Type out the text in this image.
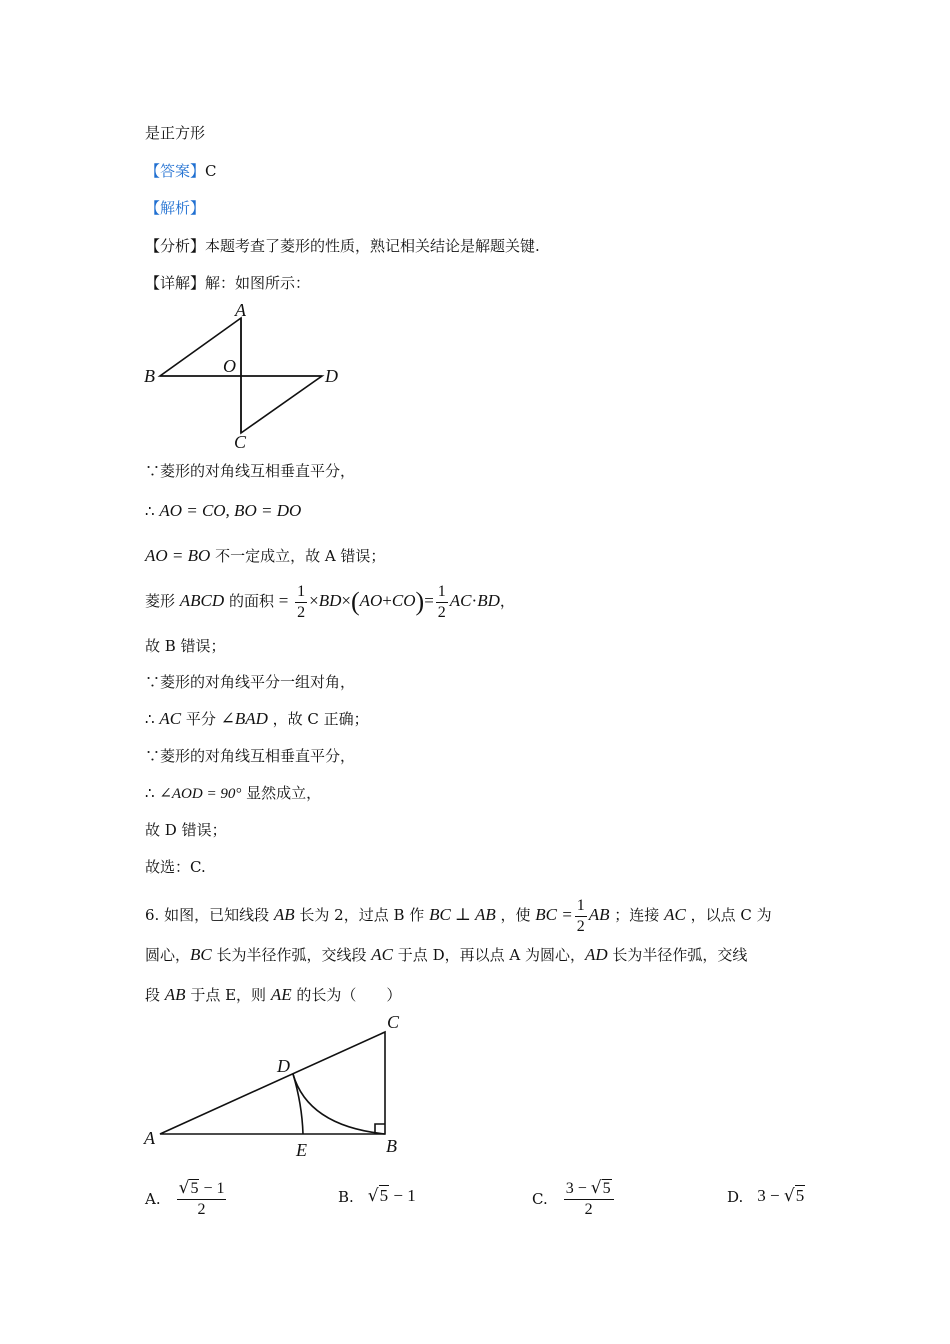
是正方形
【答案】C
【解析】
【分析】本题考查了菱形的性质，熟记相关结论是解题关键.
【详解】解：如图所示：
A
B
C
D
O
∵菱形的对角线互相垂直平分，
∴ AO = CO, BO = DO
AO = BO 不一定成立，故 A 错误；
菱形 ABCD 的面积 = $\frac{1}{2} \times BD\times(AO+CO)= \frac{1}{2} AC\cdot BD$，
故 B 错误；
∵菱形的对角线平分一组对角，
∴ AC 平分 ∠BAD ，故 C 正确；
∵菱形的对角线互相垂直平分，
∴ ∠AOD = 90° 显然成立，
故 D 错误；
故选：C.
6. 如图，已知线段 AB 长为 2，过点 B 作 BC ⊥ AB ，使 BC = $\frac{1}{2}$ AB ；连接 AC ，以点 C 为
圆心，BC 长为半径作弧，交线段 AC 于点 D，再以点 A 为圆心，AD 长为半径作弧，交线
段 AB 于点 E，则 AE 的长为（　　）
A	B
C
D
E
A. $\frac{√5 - 1}{2}$	B. √5 − 1	C. $\frac{3 - √5}{2}$	D. 3 − √5
